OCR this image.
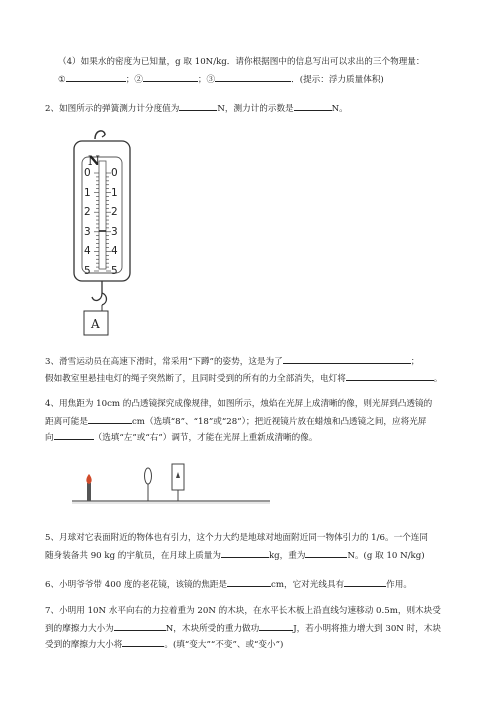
（4）如果水的密度为已知量，g 取 10N/kg．请你根据图中的信息写出可以求出的三个物理量：
①	；②	；③	．(提示：浮力质量体积)
2、如图所示的弹簧测力计分度值为	N，测力计的示数是	N。
N
0 0
1 1
2 2
3 3
4 4
5 5
A
3、滑雪运动员在高速下滑时，常采用“下蹲”的姿势，这是为了	；
假如教室里悬挂电灯的绳子突然断了，且同时受到的所有的力全部消失，电灯将	。
4、用焦距为 10cm 的凸透镜探究成像规律，如图所示，烛焰在光屏上成清晰的像，则光屏到凸透镜的
距离可能是	cm（选填“8”、“18”或“28”）；把近视镜片放在蜡烛和凸透镜之间，应将光屏
向	（选填“左”或“右”）调节，才能在光屏上重新成清晰的像。
5、月球对它表面附近的物体也有引力，这个力大约是地球对地面附近同一物体引力的 1/6。一个连同
随身装备共 90 kg 的宇航员，在月球上质量为	kg，重为	N。(g 取 10 N/kg)
6、小明爷爷带 400 度的老花镜，该镜的焦距是	cm，它对光线具有	作用。
7、小明用 10N 水平向右的力拉着重为 20N 的木块，在水平长木板上沿直线匀速移动 0.5m，则木块受
到的摩擦力大小为	N，木块所受的重力做功	J，若小明将推力增大到 30N 时，木块
受到的摩擦力大小将	。(填“变大”“不变”、或“变小”)
